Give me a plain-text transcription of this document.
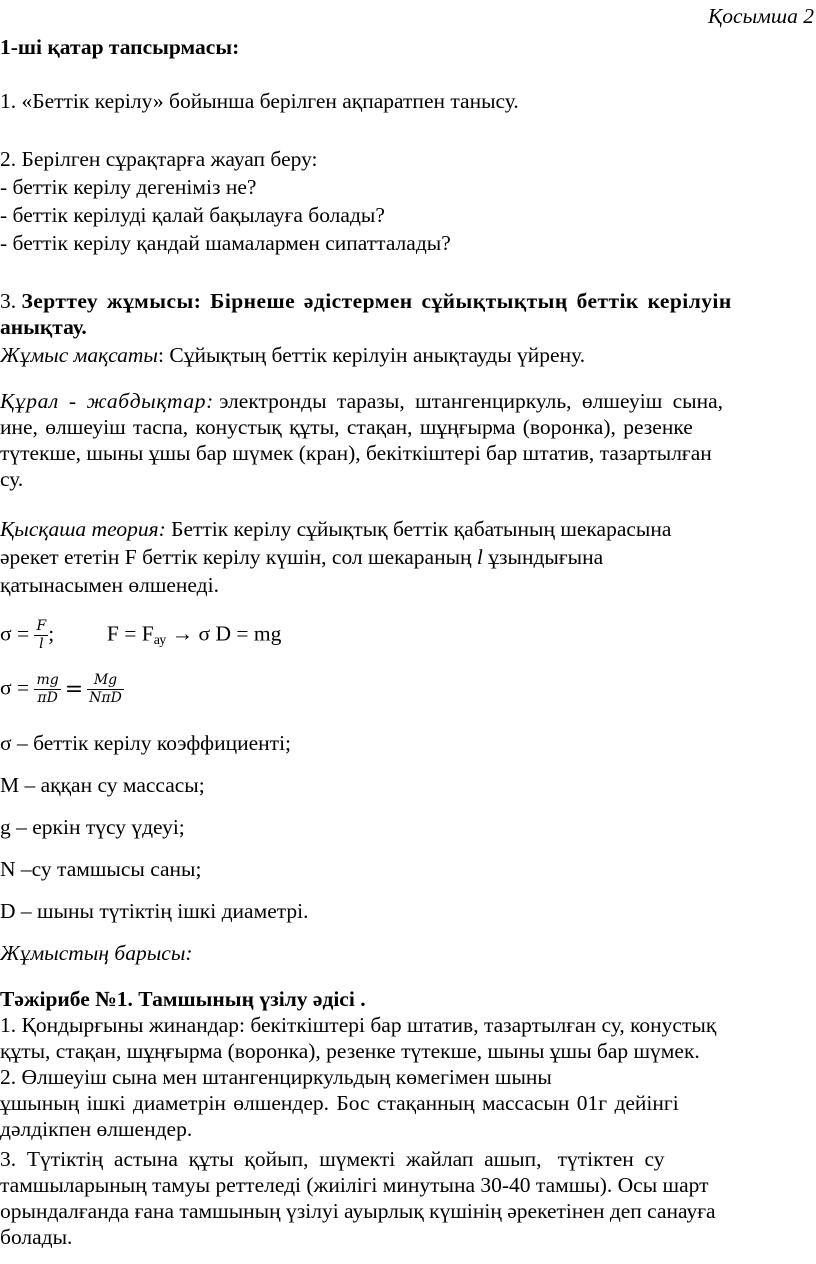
Қосымша 2
1-ші қатар тапсырмасы:
1. «Беттік керілу» бойынша берілген ақпаратпен танысу.
2. Берілген сұрақтарға жауап беру:
- беттік керілу дегеніміз не?
- беттік керілуді қалай бақылауға болады?
- беттік керілу қандай шамалармен сипатталады?
3. Зерттеу жұмысы: Бірнеше әдістермен сұйықтықтың беттік керілуін
анықтау.
Жұмыс мақсаты: Сұйықтың беттік керілуін анықтауды үйрену.
Құрал - жабдықтар: электронды таразы, штангенциркуль, өлшеуіш сына,
ине, өлшеуіш таспа, конустық құты, стақан, шұңғырма (воронка), резенке
түтекше, шыны ұшы бар шүмек (кран), бекіткіштері бар штатив, тазартылған
су.
Қысқаша теория: Беттік керілу сұйықтық беттік қабатының шекарасына
әрекет ететін F беттік керілу күшін, сол шекараның l ұзындығына
қатынасымен өлшенеді.
$\sigma = \frac{F}{l}$ ; F = Fау → σ D = mg
$\sigma = \frac{mg}{\pi D} = \frac{Mg}{\text{NπD}}$
σ – беттік керілу коэффициенті;
M – аққан су массасы;
g – еркін түсу үдеуі;
N –су тамшысы саны;
D – шыны түтіктің ішкі диаметрі.
Жұмыстың барысы:
Тәжірибе №1. Тамшының үзілу әдісі .
1. Қондырғыны жинандар: бекіткіштері бар штатив, тазартылған су, конустық
құты, стақан, шұңғырма (воронка), резенке түтекше, шыны ұшы бар шүмек.
2. Өлшеуіш сына мен штангенциркульдың көмегімен шыны
ұшының ішкі диаметрін өлшендер. Бос стақанның массасын 01г дейінгі
дәлдікпен өлшендер.
3.  Түтіктің  астына  құты  қойып,  шүмекті  жайлап  ашып,   түтіктен  су
тамшыларының тамуы реттеледі (жиілігі минутына 30-40 тамшы). Осы шарт
орындалғанда ғана тамшының үзілуі ауырлық күшінің әрекетінен деп санауға
болады.
